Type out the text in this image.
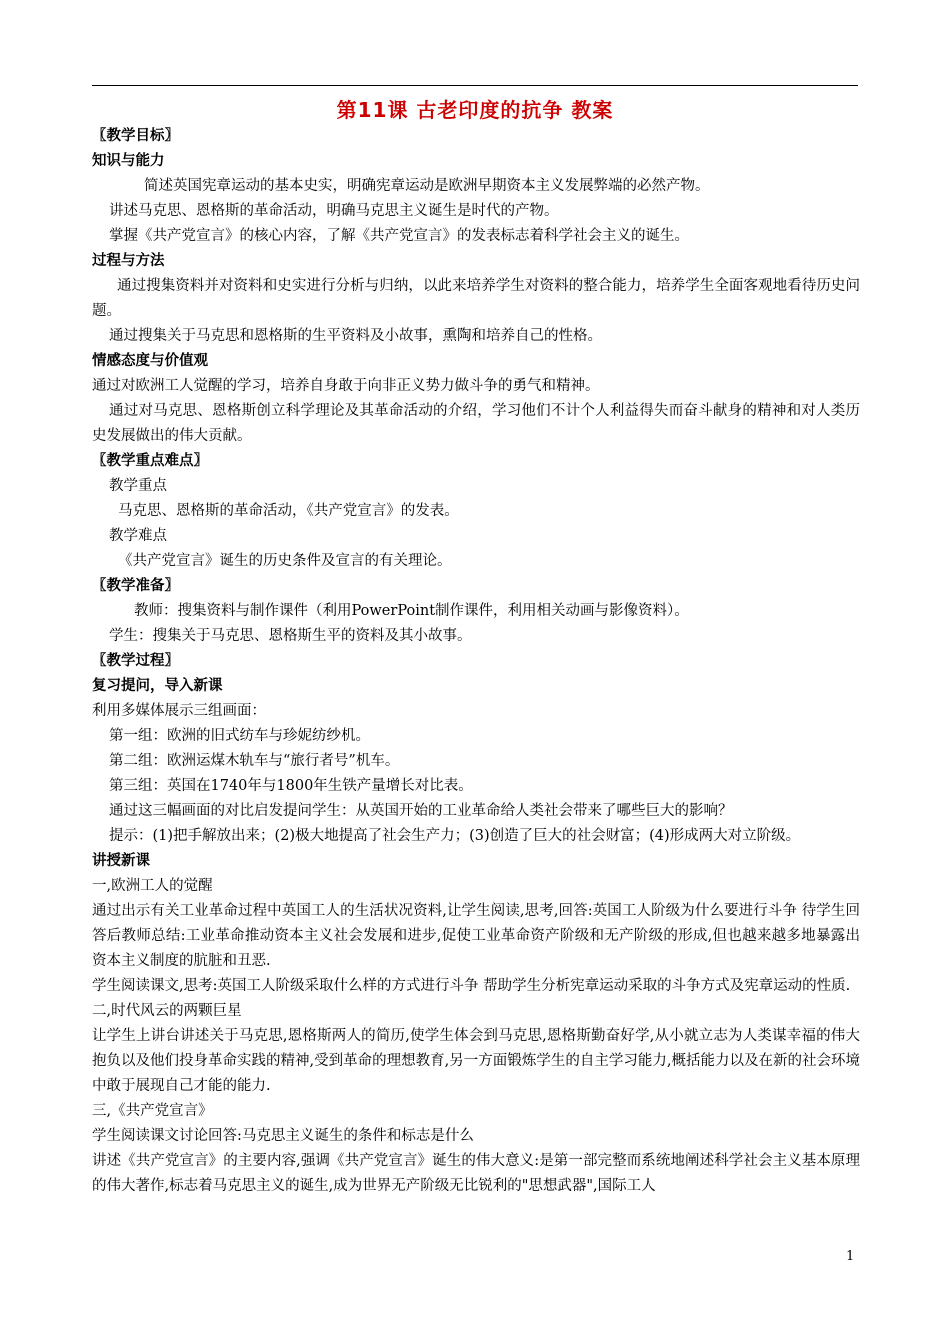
第11课 古老印度的抗争 教案
〖教学目标〗
知识与能力
简述英国宪章运动的基本史实，明确宪章运动是欧洲早期资本主义发展弊端的必然产物。
讲述马克思、恩格斯的革命活动，明确马克思主义诞生是时代的产物。
掌握《共产党宣言》的核心内容，了解《共产党宣言》的发表标志着科学社会主义的诞生。
过程与方法
通过搜集资料并对资料和史实进行分析与归纳，以此来培养学生对资料的整合能力，培养学生全面客观地看待历史问题。
通过搜集关于马克思和恩格斯的生平资料及小故事，熏陶和培养自己的性格。
情感态度与价值观
通过对欧洲工人觉醒的学习，培养自身敢于向非正义势力做斗争的勇气和精神。
通过对马克思、恩格斯创立科学理论及其革命活动的介绍，学习他们不计个人利益得失而奋斗献身的精神和对人类历史发展做出的伟大贡献。
〖教学重点难点〗
教学重点
马克思、恩格斯的革命活动，《共产党宣言》的发表。
教学难点
《共产党宣言》诞生的历史条件及宣言的有关理论。
〖教学准备〗
教师：搜集资料与制作课件（利用PowerPoint制作课件，利用相关动画与影像资料）。
学生：搜集关于马克思、恩格斯生平的资料及其小故事。
〖教学过程〗
复习提问，导入新课
利用多媒体展示三组画面：
第一组：欧洲的旧式纺车与珍妮纺纱机。
第二组：欧洲运煤木轨车与“旅行者号”机车。
第三组：英国在1740年与1800年生铁产量增长对比表。
通过这三幅画面的对比启发提问学生：从英国开始的工业革命给人类社会带来了哪些巨大的影响？
提示：(1)把手解放出来；(2)极大地提高了社会生产力；(3)创造了巨大的社会财富；(4)形成两大对立阶级。
讲授新课
一,欧洲工人的觉醒
通过出示有关工业革命过程中英国工人的生活状况资料,让学生阅读,思考,回答:英国工人阶级为什么要进行斗争 待学生回答后教师总结:工业革命推动资本主义社会发展和进步,促使工业革命资产阶级和无产阶级的形成,但也越来越多地暴露出资本主义制度的肮脏和丑恶.
学生阅读课文,思考:英国工人阶级采取什么样的方式进行斗争 帮助学生分析宪章运动采取的斗争方式及宪章运动的性质.
二,时代风云的两颗巨星
让学生上讲台讲述关于马克思,恩格斯两人的简历,使学生体会到马克思,恩格斯勤奋好学,从小就立志为人类谋幸福的伟大抱负以及他们投身革命实践的精神,受到革命的理想教育,另一方面锻炼学生的自主学习能力,概括能力以及在新的社会环境中敢于展现自己才能的能力.
三,《共产党宣言》
学生阅读课文讨论回答:马克思主义诞生的条件和标志是什么
讲述《共产党宣言》的主要内容,强调《共产党宣言》诞生的伟大意义:是第一部完整而系统地阐述科学社会主义基本原理的伟大著作,标志着马克思主义的诞生,成为世界无产阶级无比锐利的"思想武器",国际工人
1
